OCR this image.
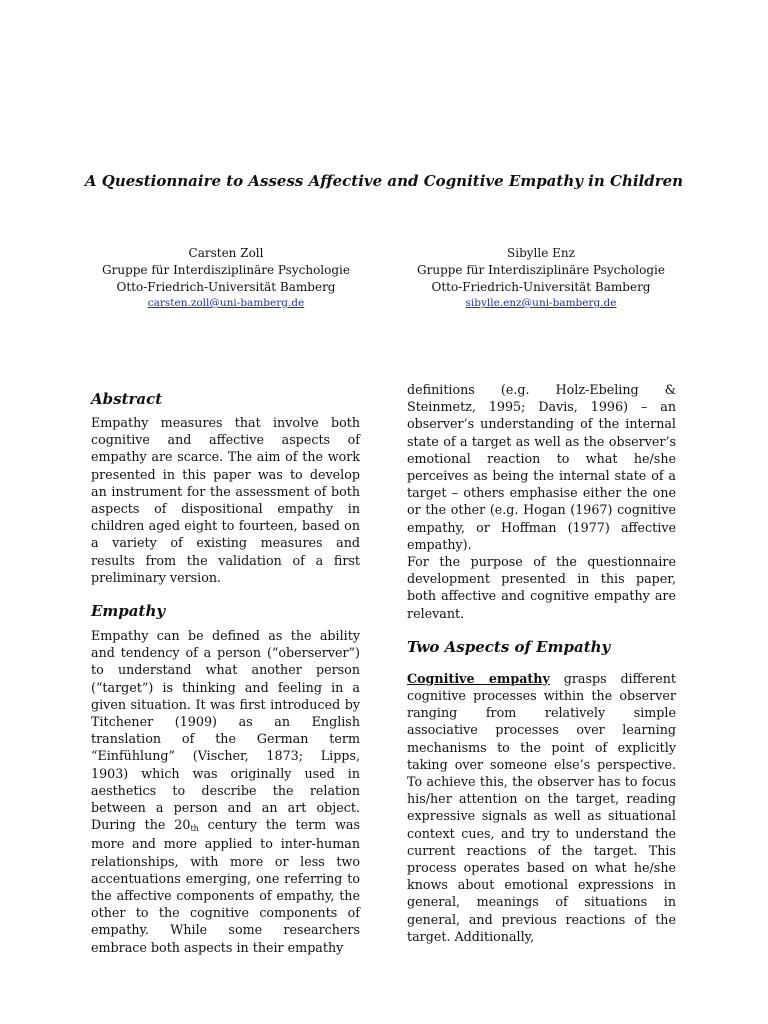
A Questionnaire to Assess Affective and Cognitive Empathy in Children
Carsten Zoll
Gruppe für Interdisziplinäre Psychologie
Otto-Friedrich-Universität Bamberg
carsten.zoll@uni-bamberg.de
Sibylle Enz
Gruppe für Interdisziplinäre Psychologie
Otto-Friedrich-Universität Bamberg
sibylle.enz@uni-bamberg.de
Abstract

Empathy measures that involve both cognitive and affective aspects of empathy are scarce. The aim of the work presented in this paper was to develop an instrument for the assessment of both aspects of dispositional empathy in children aged eight to fourteen, based on a variety of existing measures and results from the validation of a first preliminary version.

Empathy

Empathy can be defined as the ability and tendency of a person (“oberserver”) to understand what another person (“target”) is thinking and feeling in a given situation. It was first introduced by Titchener (1909) as an English translation of the German term “Einfühlung” (Vischer, 1873; Lipps, 1903) which was originally used in aesthetics to describe the relation between a person and an art object. During the $20_{th}$ century the term was more and more applied to inter-human relationships, with more or less two accentuations emerging, one referring to the affective components of empathy, the other to the cognitive components of empathy. While some researchers embrace both aspects in their empathy

definitions (e.g. Holz-Ebeling & Steinmetz, 1995; Davis, 1996) – an observer’s understanding of the internal state of a target as well as the observer’s emotional reaction to what he/she perceives as being the internal state of a target – others emphasise either the one or the other (e.g. Hogan (1967) cognitive empathy, or Hoffman (1977) affective empathy).

For the purpose of the questionnaire development presented in this paper, both affective and cognitive empathy are relevant.

Two Aspects of Empathy

Cognitive empathy grasps different cognitive processes within the observer ranging from relatively simple associative processes over learning mechanisms to the point of explicitly taking over someone else’s perspective. To achieve this, the observer has to focus his/her attention on the target, reading expressive signals as well as situational context cues, and try to understand the current reactions of the target. This process operates based on what he/she knows about emotional expressions in general, meanings of situations in general, and previous reactions of the target. Additionally,
